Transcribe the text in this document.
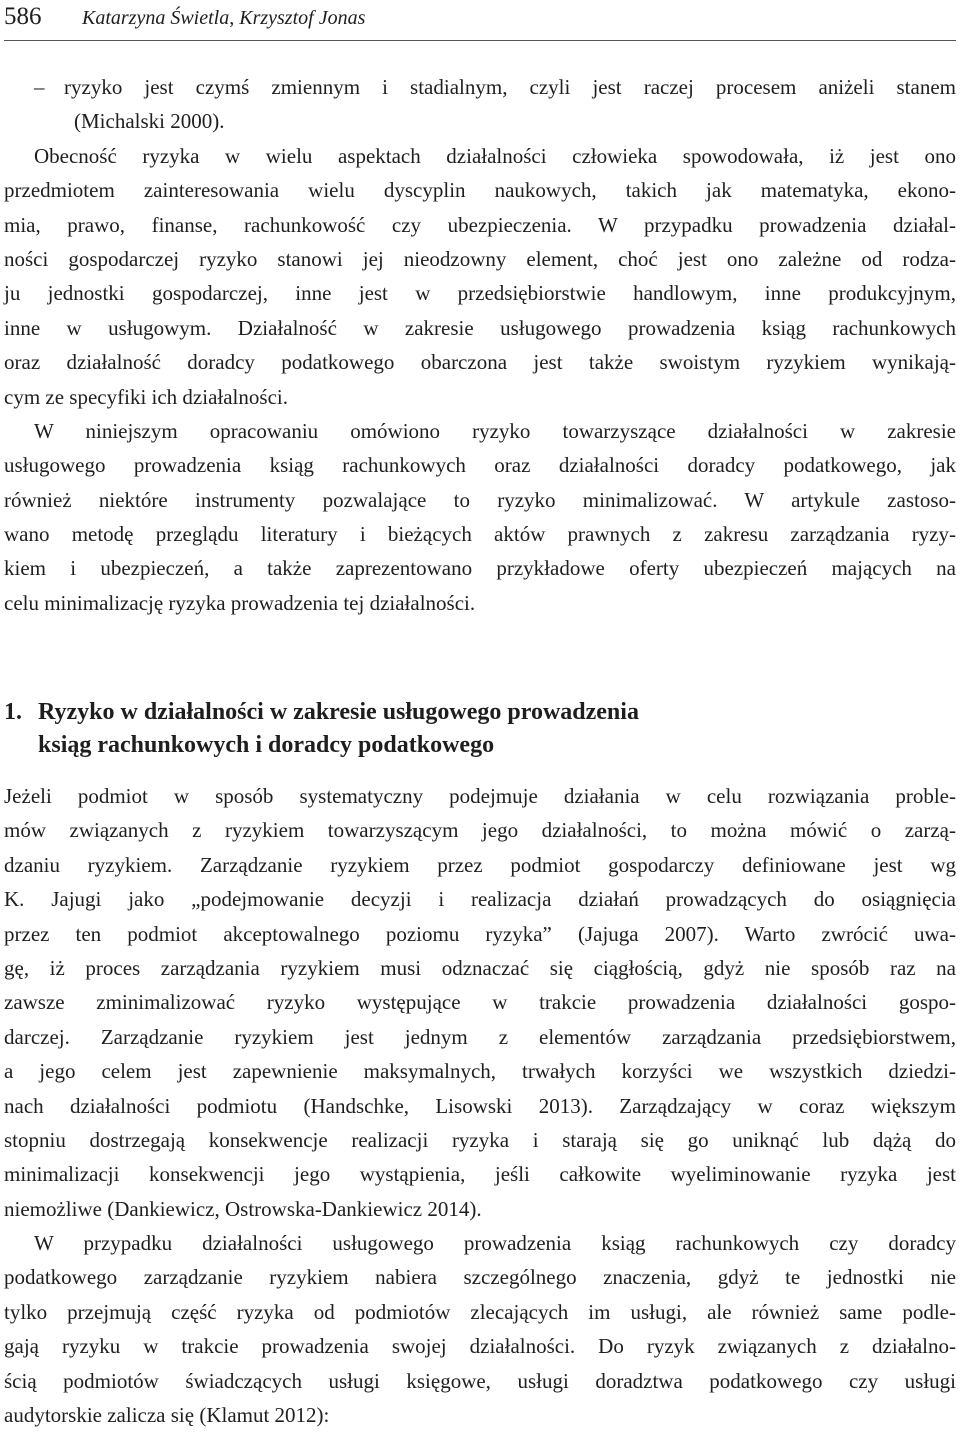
586 Katarzyna Świetla, Krzysztof Jonas
– ryzyko jest czymś zmiennym i stadialnym, czyli jest raczej procesem aniżeli stanem
(Michalski 2000).
Obecność ryzyka w wielu aspektach działalności człowieka spowodowała, iż jest ono
przedmiotem zainteresowania wielu dyscyplin naukowych, takich jak matematyka, ekono-
mia, prawo, finanse, rachunkowość czy ubezpieczenia. W przypadku prowadzenia działal-
ności gospodarczej ryzyko stanowi jej nieodzowny element, choć jest ono zależne od rodza-
ju jednostki gospodarczej, inne jest w przedsiębiorstwie handlowym, inne produkcyjnym,
inne w usługowym. Działalność w zakresie usługowego prowadzenia ksiąg rachunkowych
oraz działalność doradcy podatkowego obarczona jest także swoistym ryzykiem wynikają-
cym ze specyfiki ich działalności.
W niniejszym opracowaniu omówiono ryzyko towarzyszące działalności w zakresie
usługowego prowadzenia ksiąg rachunkowych oraz działalności doradcy podatkowego, jak
również niektóre instrumenty pozwalające to ryzyko minimalizować. W artykule zastoso-
wano metodę przeglądu literatury i bieżących aktów prawnych z zakresu zarządzania ryzy-
kiem i ubezpieczeń, a także zaprezentowano przykładowe oferty ubezpieczeń mających na
celu minimalizację ryzyka prowadzenia tej działalności.
1. Ryzyko w działalności w zakresie usługowego prowadzenia
ksiąg rachunkowych i doradcy podatkowego
Jeżeli podmiot w sposób systematyczny podejmuje działania w celu rozwiązania proble-
mów związanych z ryzykiem towarzyszącym jego działalności, to można mówić o zarzą-
dzaniu ryzykiem. Zarządzanie ryzykiem przez podmiot gospodarczy definiowane jest wg
K. Jajugi jako „podejmowanie decyzji i realizacja działań prowadzących do osiągnięcia
przez ten podmiot akceptowalnego poziomu ryzyka” (Jajuga 2007). Warto zwrócić uwa-
gę, iż proces zarządzania ryzykiem musi odznaczać się ciągłością, gdyż nie sposób raz na
zawsze zminimalizować ryzyko występujące w trakcie prowadzenia działalności gospo-
darczej. Zarządzanie ryzykiem jest jednym z elementów zarządzania przedsiębiorstwem,
a jego celem jest zapewnienie maksymalnych, trwałych korzyści we wszystkich dziedzi-
nach działalności podmiotu (Handschke, Lisowski 2013). Zarządzający w coraz większym
stopniu dostrzegają konsekwencje realizacji ryzyka i starają się go uniknąć lub dążą do
minimalizacji konsekwencji jego wystąpienia, jeśli całkowite wyeliminowanie ryzyka jest
niemożliwe (Dankiewicz, Ostrowska-Dankiewicz 2014).
W przypadku działalności usługowego prowadzenia ksiąg rachunkowych czy doradcy
podatkowego zarządzanie ryzykiem nabiera szczególnego znaczenia, gdyż te jednostki nie
tylko przejmują część ryzyka od podmiotów zlecających im usługi, ale również same podle-
gają ryzyku w trakcie prowadzenia swojej działalności. Do ryzyk związanych z działalno-
ścią podmiotów świadczących usługi księgowe, usługi doradztwa podatkowego czy usługi
audytorskie zalicza się (Klamut 2012):
